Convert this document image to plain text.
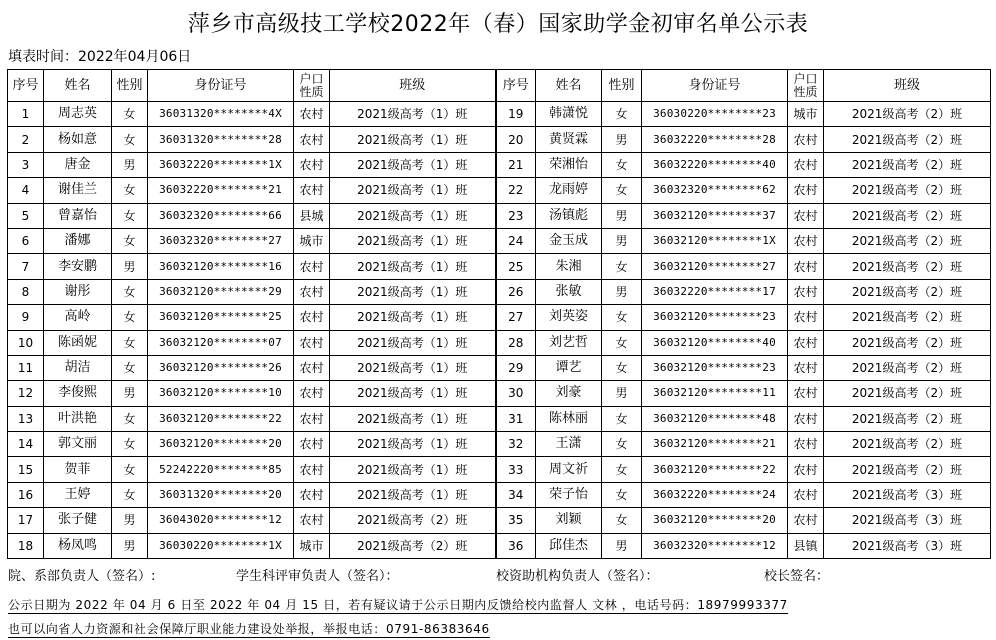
萍乡市高级技工学校2022年（春）国家助学金初审名单公示表
填表时间：2022年04月06日
序号	姓名	性别	身份证号	户口性质	班级	序号	姓名	性别	身份证号	户口性质	班级
1	周志英	女	36031320********4X	农村	2021级高考（1）班	19	韩潇悦	女	36030220********23	城市	2021级高考（2）班
2	杨如意	女	36031320********28	农村	2021级高考（1）班	20	黄贤霖	男	36032220********28	农村	2021级高考（2）班
3	唐金	男	36032220********1X	农村	2021级高考（1）班	21	荣湘怡	女	36032220********40	农村	2021级高考（2）班
4	谢佳兰	女	36032220********21	农村	2021级高考（1）班	22	龙雨婷	女	36032320********62	农村	2021级高考（2）班
5	曾嘉怡	女	36032320********66	县城	2021级高考（1）班	23	汤镇彪	男	36032120********37	农村	2021级高考（2）班
6	潘娜	女	36032320********27	城市	2021级高考（1）班	24	金玉成	男	36032120********1X	农村	2021级高考（2）班
7	李安鹏	男	36032120********16	农村	2021级高考（1）班	25	朱湘	女	36032120********27	农村	2021级高考（2）班
8	谢彤	女	36032120********29	农村	2021级高考（1）班	26	张敏	男	36032220********17	农村	2021级高考（2）班
9	高岭	女	36032120********25	农村	2021级高考（1）班	27	刘英姿	女	36032120********23	农村	2021级高考（2）班
10	陈函妮	女	36032120********07	农村	2021级高考（1）班	28	刘艺哲	女	36032120********40	农村	2021级高考（2）班
11	胡洁	女	36032120********26	农村	2021级高考（1）班	29	谭艺	女	36032120********23	农村	2021级高考（2）班
12	李俊熙	男	36032120********10	农村	2021级高考（1）班	30	刘豪	男	36032120********11	农村	2021级高考（2）班
13	叶洪艳	女	36032120********22	农村	2021级高考（1）班	31	陈林丽	女	36032120********48	农村	2021级高考（2）班
14	郭文丽	女	36032120********20	农村	2021级高考（1）班	32	王潇	女	36032120********21	农村	2021级高考（2）班
15	贺菲	女	52242220********85	农村	2021级高考（1）班	33	周文祈	女	36032120********22	农村	2021级高考（2）班
16	王婷	女	36031320********20	农村	2021级高考（1）班	34	荣子怡	女	36032220********24	农村	2021级高考（3）班
17	张子健	男	36043020********12	农村	2021级高考（2）班	35	刘颖	女	36032120********20	农村	2021级高考（3）班
18	杨凤鸣	男	36030220********1X	城市	2021级高考（2）班	36	邱佳杰	男	36032320********12	县镇	2021级高考（3）班
院、系部负责人（签名）:	学生科评审负责人（签名）：	校资助机构负责人（签名）：	校长签名：
公示日期为 2022 年 04 月 6 日至 2022 年 04 月 15 日，若有疑议请于公示日期内反馈给校内监督人 文林 ，电话号码：18979993377
也可以向省人力资源和社会保障厅职业能力建设处举报，举报电话：0791-86383646
